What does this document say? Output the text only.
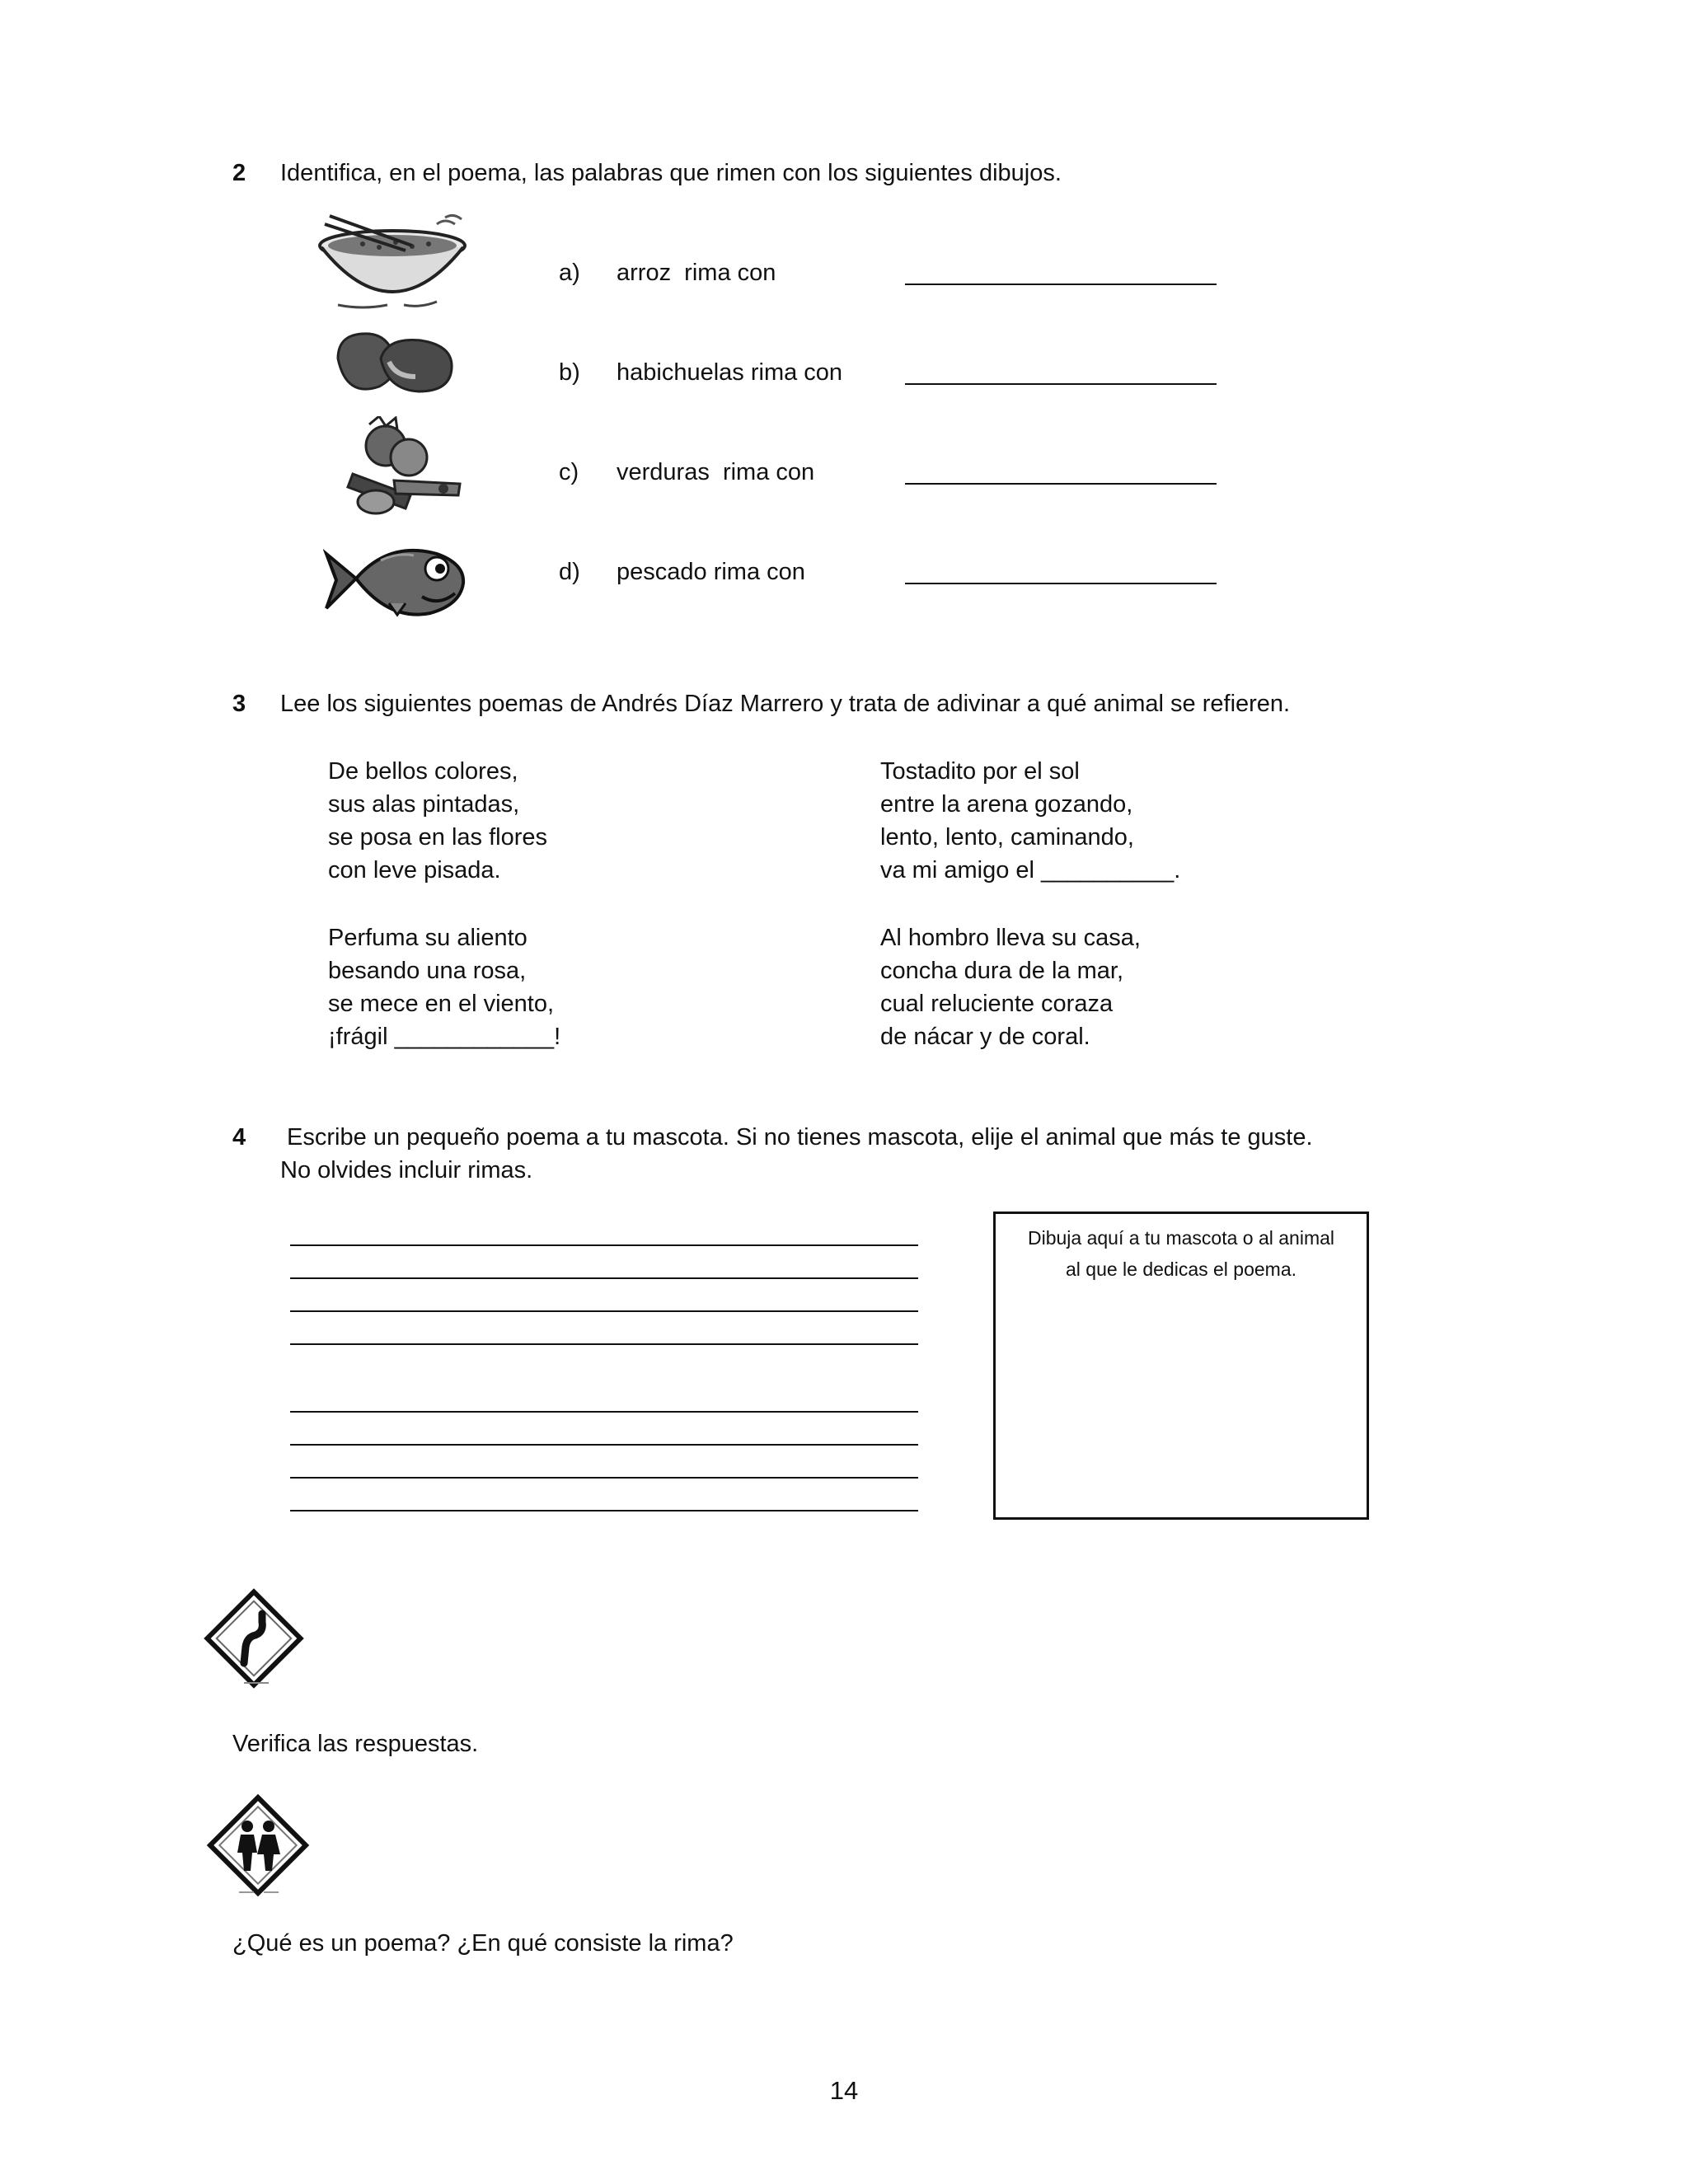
2 Identifica, en el poema, las palabras que rimen con los siguientes dibujos.
a) arroz  rima con
b) habichuelas rima con
c) verduras  rima con
d) pescado rima con
3 Lee los siguientes poemas de Andrés Díaz Marrero y trata de adivinar a qué animal se refieren.
De bellos colores,
sus alas pintadas,
se posa en las flores
con leve pisada.
Perfuma su aliento
besando una rosa,
se mece en el viento,
¡frágil ____________!
Tostadito por el sol
entre la arena gozando,
lento, lento, caminando,
va mi amigo el __________.
Al hombro lleva su casa,
concha dura de la mar,
cual reluciente coraza
de nácar y de coral.
4 Escribe un pequeño poema a tu mascota. Si no tienes mascota, elije el animal que más te guste.
No olvides incluir rimas.
Dibuja aquí a tu mascota o al animal
al que le dedicas el poema.
Verifica las respuestas.
¿Qué es un poema? ¿En qué consiste la rima?
14
